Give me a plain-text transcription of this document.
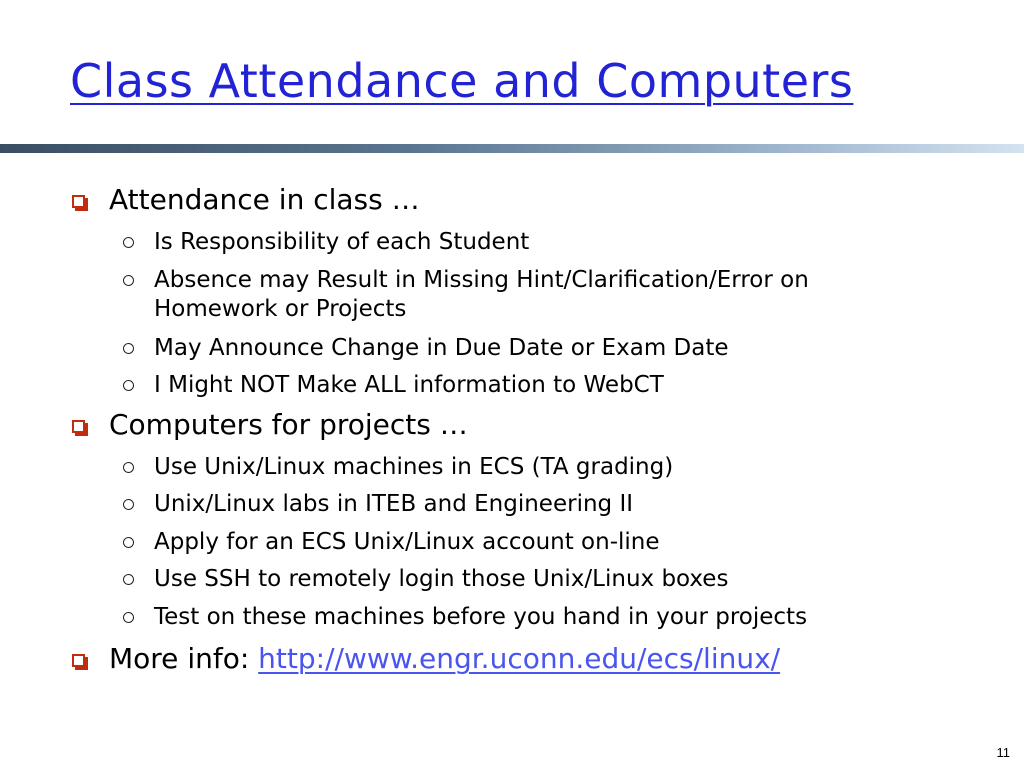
Class Attendance and Computers
Attendance in class …
Is Responsibility of each Student
Absence may Result in Missing Hint/Clarification/Error on
Homework or Projects
May Announce Change in Due Date or Exam Date
I Might NOT Make ALL information to WebCT
Computers for projects …
Use Unix/Linux machines in ECS (TA grading)
Unix/Linux labs in ITEB and Engineering II
Apply for an ECS Unix/Linux account on-line
Use SSH to remotely login those Unix/Linux boxes
Test on these machines before you hand in your projects
More info: http://www.engr.uconn.edu/ecs/linux/
11
